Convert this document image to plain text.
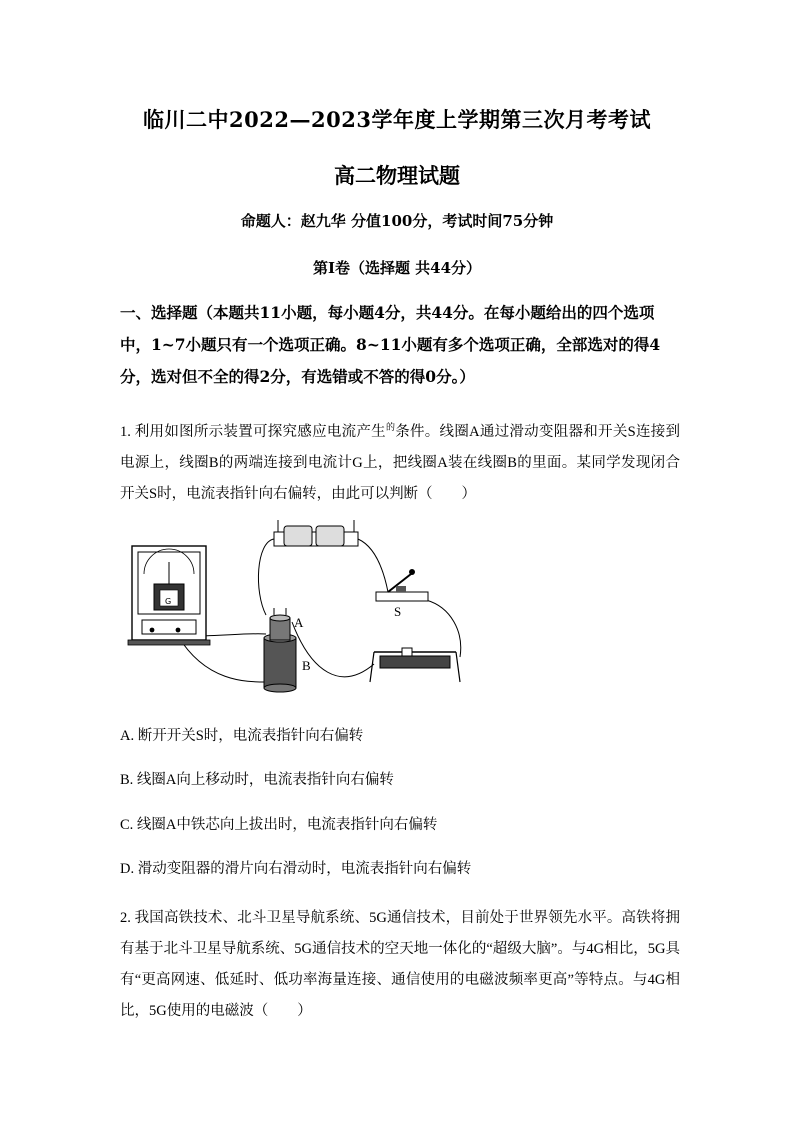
临川二中2022—2023学年度上学期第三次月考考试
高二物理试题
命题人：赵九华 分值100分，考试时间75分钟
第Ⅰ卷（选择题 共44分）
一、选择题（本题共11小题，每小题4分，共44分。在每小题给出的四个选项中，1~7小题只有一个选项正确。8~11小题有多个选项正确，全部选对的得4分，选对但不全的得2分，有选错或不答的得0分。）
1. 利用如图所示装置可探究感应电流产生$^的$条件。线圈A通过滑动变阻器和开关S连接到电源上，线圈B的两端连接到电流计G上，把线圈A装在线圈B的里面。某同学发现闭合开关S时，电流表指针向右偏转，由此可以判断（　　）
G
S
B
A
A. 断开开关S时，电流表指针向右偏转
B. 线圈A向上移动时，电流表指针向右偏转
C. 线圈A中铁芯向上拔出时，电流表指针向右偏转
D. 滑动变阻器的滑片向右滑动时，电流表指针向右偏转
2. 我国高铁技术、北斗卫星导航系统、5G通信技术，目前处于世界领先水平。高铁将拥有基于北斗卫星导航系统、5G通信技术的空天地一体化的“超级大脑”。与4G相比，5G具有“更高网速、低延时、低功率海量连接、通信使用的电磁波频率更高”等特点。与4G相比，5G使用的电磁波（　　）
